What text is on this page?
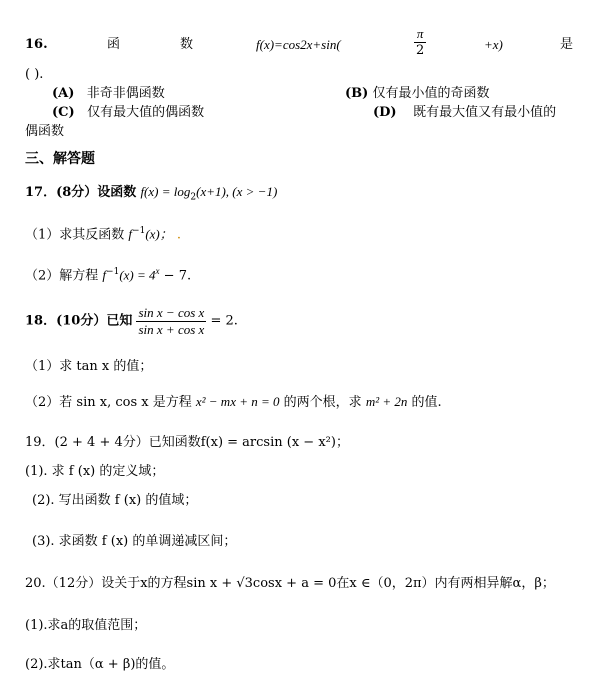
16.	函	数	f(x)=cos2x+sin(	$\frac{\pi}{2}$	+x)	是
( ).
(A) 非奇非偶函数	(B) 仅有最小值的奇函数
(C) 仅有最大值的偶函数	(D) 既有最大值又有最小值的
偶函数
三、解答题
17．(8分）设函数 $f(x) = \log_2(x+1)$, (x > −1)
（1）求其反函数 $f^{-1}(x)$； .
（2）解方程 $f^{-1}(x) = 4^x - 7$.
18．(10分）已知 $\frac{\text{sin x − cos x}}{\text{sin x + cos x}} = 2$.
（1）求 tan x 的值；
（2）若 sin x, cos x 是方程 x² − mx + n = 0 的两个根，求 m² + 2n 的值.
19．(2 + 4 + 4分）已知函数f(x) = arcsin (x − x²)；
(1). 求 f (x) 的定义域；
(2). 写出函数 f (x) 的值域；
(3). 求函数 f (x) 的单调递减区间；
20.（12分）设关于x的方程sin x + √3cosx + a = 0在x ∈（0，2π）内有两相异解α，β；
(1).求a的取值范围；
(2).求tan（α + β)的值。
